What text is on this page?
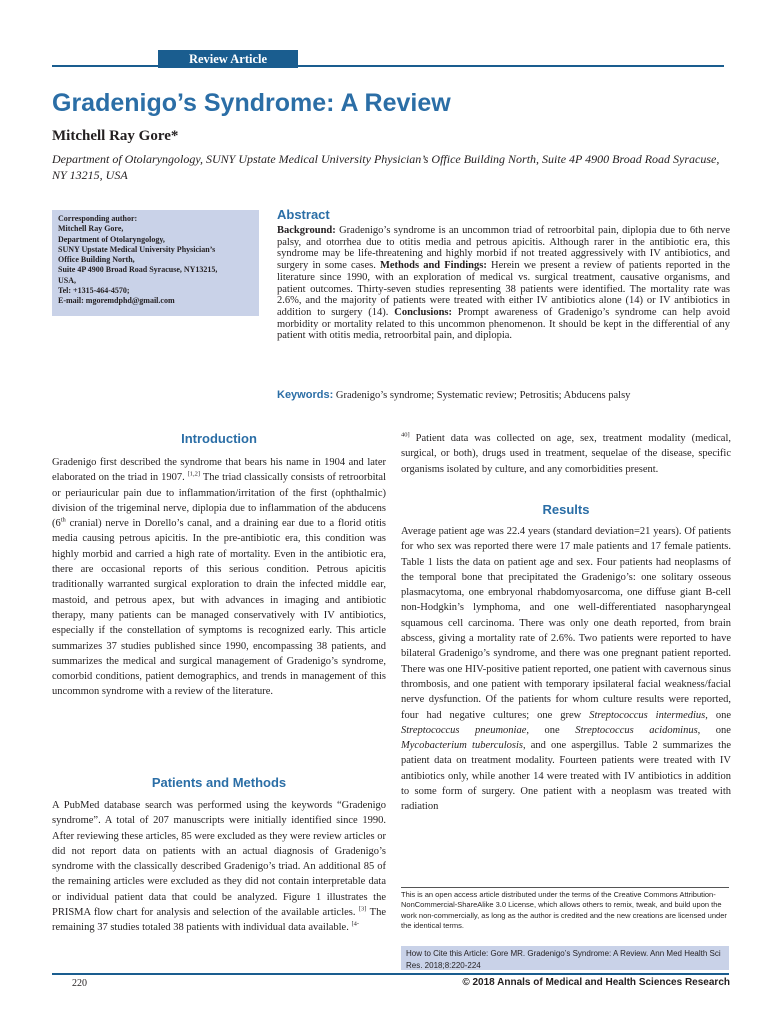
Review Article
Gradenigo’s Syndrome: A Review
Mitchell Ray Gore*
Department of Otolaryngology, SUNY Upstate Medical University Physician’s Office Building North, Suite 4P 4900 Broad Road Syracuse, NY 13215, USA
Corresponding author:
Mitchell Ray Gore,
Department of Otolaryngology,
SUNY Upstate Medical University Physician’s
Office Building North,
Suite 4P 4900 Broad Road Syracuse, NY13215,
USA,
Tel: +1315-464-4570;
E-mail: mgoremdphd@gmail.com
Abstract
Background: Gradenigo’s syndrome is an uncommon triad of retroorbital pain, diplopia due to 6th nerve palsy, and otorrhea due to otitis media and petrous apicitis. Although rarer in the antibiotic era, this syndrome may be life-threatening and highly morbid if not treated aggressively with IV antibiotics, and surgery in some cases. Methods and Findings: Herein we present a review of patients reported in the literature since 1990, with an exploration of medical vs. surgical treatment, causative organisms, and patient outcomes. Thirty-seven studies representing 38 patients were identified. The mortality rate was 2.6%, and the majority of patients were treated with either IV antibiotics alone (14) or IV antibiotics in addition to surgery (14). Conclusions: Prompt awareness of Gradenigo’s syndrome can help avoid morbidity or mortality related to this uncommon phenomenon. It should be kept in the differential of any patient with otitis media, retroorbital pain, and diplopia.
Keywords: Gradenigo’s syndrome; Systematic review; Petrositis; Abducens palsy
Introduction

Gradenigo first described the syndrome that bears his name in 1904 and later elaborated on the triad in 1907. [1,2] The triad classically consists of retroorbital or periauricular pain due to inflammation/irritation of the first (ophthalmic) division of the trigeminal nerve, diplopia due to inflammation of the abducens (6th cranial) nerve in Dorello’s canal, and a draining ear due to a florid otitis media causing petrous apicitis. In the pre-antibiotic era, this condition was highly morbid and carried a high rate of mortality. Even in the antibiotic era, there are occasional reports of this serious condition. Petrous apicitis traditionally warranted surgical exploration to drain the infected middle ear, mastoid, and petrous apex, but with advances in imaging and antibiotic therapy, many patients can be managed conservatively with IV antibiotics, especially if the constellation of symptoms is recognized early. This article summarizes 37 studies published since 1990, encompassing 38 patients, and summarizes the medical and surgical management of Gradenigo’s syndrome, comorbid conditions, patient demographics, and trends in management of this uncommon syndrome with a review of the literature.

Patients and Methods

A PubMed database search was performed using the keywords “Gradenigo syndrome”. A total of 207 manuscripts were initially identified since 1990. After reviewing these articles, 85 were excluded as they were review articles or did not report data on patients with an actual diagnosis of Gradenigo’s syndrome with the classically described Gradenigo’s triad. An additional 85 of the remaining articles were excluded as they did not contain interpretable data or individual patient data that could be analyzed. Figure 1 illustrates the PRISMA flow chart for analysis and selection of the available articles. [3] The remaining 37 studies totaled 38 patients with individual data available. $^{[4-}$

$^{40]}$ Patient data was collected on age, sex, treatment modality (medical, surgical, or both), drugs used in treatment, sequelae of the disease, specific organisms isolated by culture, and any comorbidities present.

Results

Average patient age was 22.4 years (standard deviation=21 years). Of patients for who sex was reported there were 17 male patients and 17 female patients. Table 1 lists the data on patient age and sex. Four patients had neoplasms of the temporal bone that precipitated the Gradenigo’s: one solitary osseous plasmacytoma, one embryonal rhabdomyosarcoma, one diffuse giant B-cell non-Hodgkin’s lymphoma, and one well-differentiated nasopharyngeal squamous cell carcinoma. There was only one death reported, from brain abscess, giving a mortality rate of 2.6%. Two patients were reported to have bilateral Gradenigo’s syndrome, and there was one pregnant patient reported. There was one HIV-positive patient reported, one patient with cavernous sinus thrombosis, and one patient with temporary ipsilateral facial weakness/facial nerve dysfunction. Of the patients for whom culture results were reported, four had negative cultures; one grew Streptococcus intermedius, one Streptococcus pneumoniae, one Streptococcus acidominus, one Mycobacterium tuberculosis, and one aspergillus. Table 2 summarizes the patient data on treatment modality. Fourteen patients were treated with IV antibiotics only, while another 14 were treated with IV antibiotics in addition to some form of surgery. One patient with a neoplasm was treated with radiation

This is an open access article distributed under the terms of the Creative Commons Attribution-NonCommercial-ShareAlike 3.0 License, which allows others to remix, tweak, and build upon the work non-commercially, as long as the author is credited and the new creations are licensed under the identical terms.
How to Cite this Article: Gore MR. Gradenigo’s Syndrome: A Review. Ann Med Health Sci Res. 2018;8:220-224
220	© 2018 Annals of Medical and Health Sciences Research
